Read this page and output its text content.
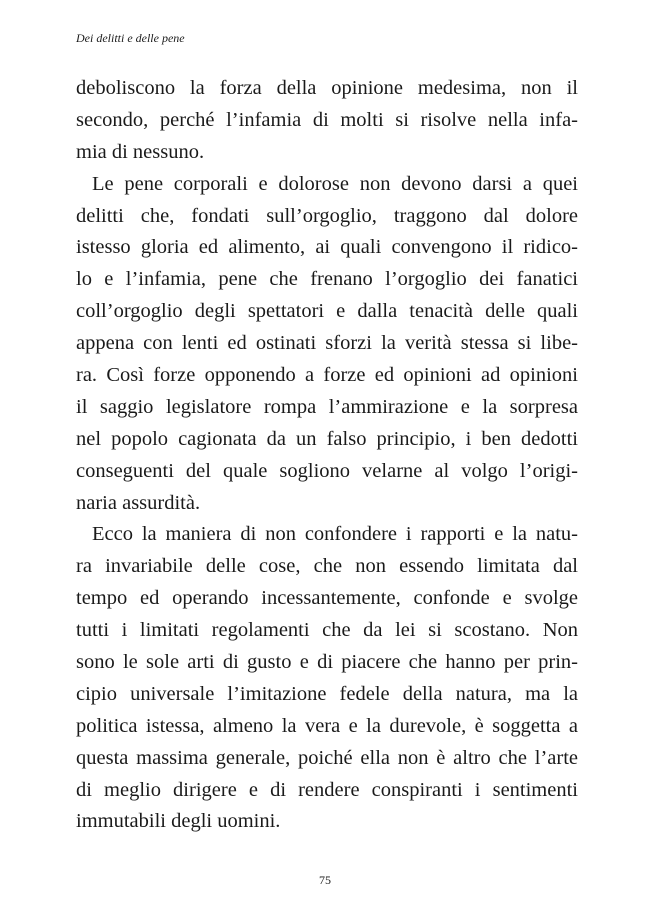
Dei delitti e delle pene
deboliscono la forza della opinione medesima, non il
secondo, perché l’infamia di molti si risolve nella infa-
mia di nessuno.
Le pene corporali e dolorose non devono darsi a quei
delitti che, fondati sull’orgoglio, traggono dal dolore
istesso gloria ed alimento, ai quali convengono il ridico-
lo e l’infamia, pene che frenano l’orgoglio dei fanatici
coll’orgoglio degli spettatori e dalla tenacità delle quali
appena con lenti ed ostinati sforzi la verità stessa si libe-
ra. Così forze opponendo a forze ed opinioni ad opinioni
il saggio legislatore rompa l’ammirazione e la sorpresa
nel popolo cagionata da un falso principio, i ben dedotti
conseguenti del quale sogliono velarne al volgo l’origi-
naria assurdità.
Ecco la maniera di non confondere i rapporti e la natu-
ra invariabile delle cose, che non essendo limitata dal
tempo ed operando incessantemente, confonde e svolge
tutti i limitati regolamenti che da lei si scostano. Non
sono le sole arti di gusto e di piacere che hanno per prin-
cipio universale l’imitazione fedele della natura, ma la
politica istessa, almeno la vera e la durevole, è soggetta a
questa massima generale, poiché ella non è altro che l’arte
di meglio dirigere e di rendere conspiranti i sentimenti
immutabili degli uomini.
75
